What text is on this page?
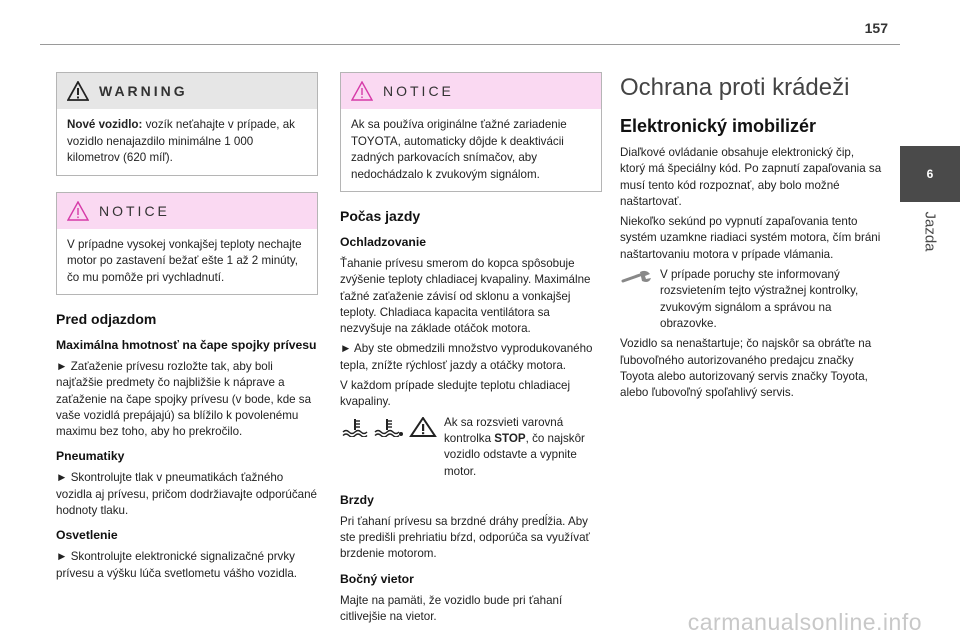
157
6
Jazda
WARNING
Nové vozidlo: vozík neťahajte v prípade, ak vozidlo nenajazdilo minimálne 1 000 kilometrov (620 míľ).
NOTICE
V prípadne vysokej vonkajšej teploty nechajte motor po zastavení bežať ešte 1 až 2 minúty, čo mu pomôže pri vychladnutí.
Pred odjazdom
Maximálna hmotnosť na čape spojky prívesu

► Zaťaženie prívesu rozložte tak, aby boli najťažšie predmety čo najbližšie k náprave a zaťaženie na čape spojky prívesu (v bode, kde sa vaše vozidlá prepájajú) sa blížilo k povolenému maximu bez toho, aby ho prekročilo.

Pneumatiky

► Skontrolujte tlak v pneumatikách ťažného vozidla aj prívesu, pričom dodržiavajte odporúčané hodnoty tlaku.

Osvetlenie

► Skontrolujte elektronické signalizačné prvky prívesu a výšku lúča svetlometu vášho vozidla.

NOTICE
Ak sa používa originálne ťažné zariadenie TOYOTA, automaticky dôjde k deaktivácii zadných parkovacích snímačov, aby nedochádzalo k zvukovým signálom.
Počas jazdy
Ochladzovanie

Ťahanie prívesu smerom do kopca spôsobuje zvýšenie teploty chladiacej kvapaliny. Maximálne ťažné zaťaženie závisí od sklonu a vonkajšej teploty. Chladiaca kapacita ventilátora sa nezvyšuje na základe otáčok motora.

► Aby ste obmedzili množstvo vyprodukovaného tepla, znížte rýchlosť jazdy a otáčky motora.

V každom prípade sledujte teplotu chladiacej kvapaliny.

Ak sa rozsvieti varovná kontrolka STOP, čo najskôr vozidlo odstavte a vypnite motor.

Brzdy

Pri ťahaní prívesu sa brzdné dráhy predĺžia. Aby ste predišli prehriatiu bŕzd, odporúča sa využívať brzdenie motorom.

Bočný vietor

Majte na pamäti, že vozidlo bude pri ťahaní citlivejšie na vietor.

Ochrana proti krádeži
Elektronický imobilizér

Diaľkové ovládanie obsahuje elektronický čip, ktorý má špeciálny kód. Po zapnutí zapaľovania sa musí tento kód rozpoznať, aby bolo možné naštartovať.

Niekoľko sekúnd po vypnutí zapaľovania tento systém uzamkne riadiaci systém motora, čím bráni naštartovaniu motora v prípade vlámania.

V prípade poruchy ste informovaný rozsvietením tejto výstražnej kontrolky, zvukovým signálom a správou na obrazovke.

Vozidlo sa nenaštartuje; čo najskôr sa obráťte na ľubovoľného autorizovaného predajcu značky Toyota alebo autorizovaný servis značky Toyota, alebo ľubovoľný spoľahlivý servis.

carmanualsonline.info
